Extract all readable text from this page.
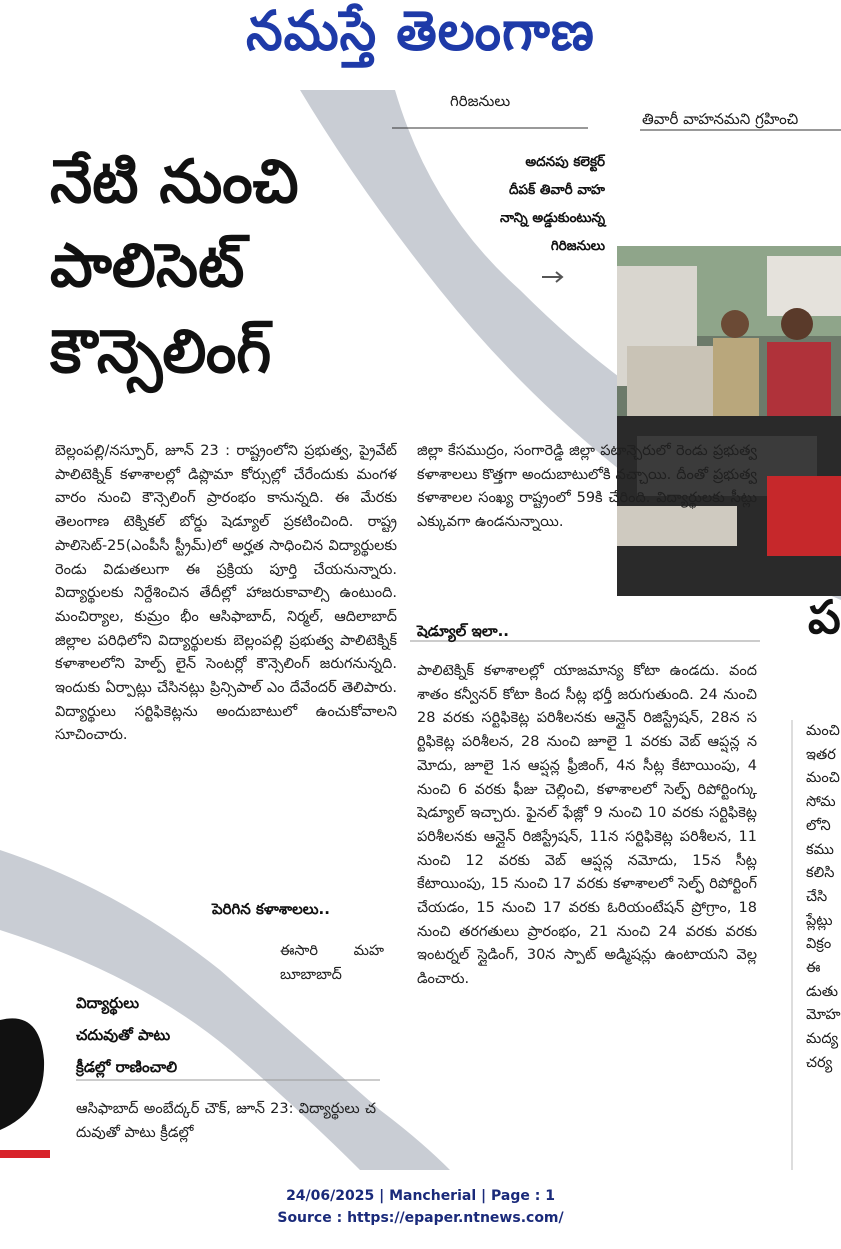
నమస్తే తెలంగాణ
గిరిజనులు
తివారీ వాహనమని గ్రహించి
నేటి నుంచి
పాలిసెట్
కౌన్సెలింగ్
అదనపు కలెక్టర్
దీపక్ తివారీ వాహ
నాన్ని అడ్డుకుంటున్న
గిరిజనులు
బెల్లంపల్లి/నస్పూర్, జూన్ 23 : రాష్ట్రంలోని ప్రభుత్వ, ప్రైవేట్ పాలిటెక్నిక్ కళాశాలల్లో డిప్లొమా కోర్సుల్లో చేరేందుకు మంగళవారం నుంచి కౌన్సెలింగ్ ప్రారంభం కానున్నది. ఈ మేరకు తెలంగాణ టెక్నికల్ బోర్డు షెడ్యూల్ ప్రకటించింది. రాష్ట్ర పాలిసెట్-25(ఎంపీసీ స్ట్రీమ్)లో అర్హత సాధించిన విద్యార్థులకు రెండు విడుతలుగా ఈ ప్రక్రియ పూర్తి చేయనున్నారు. విద్యార్థులకు నిర్దేశించిన తేదీల్లో హాజరుకావాల్సి ఉంటుంది. మంచిర్యాల, కుమ్రం భీం ఆసిఫాబాద్, నిర్మల్, ఆదిలాబాద్ జిల్లాల పరిధిలోని విద్యార్థులకు బెల్లంపల్లి ప్రభుత్వ పాలిటెక్నిక్ కళాశాలలోని హెల్ప్ లైన్ సెంటర్లో కౌన్సెలింగ్ జరుగనున్నది. ఇందుకు ఏర్పాట్లు చేసినట్లు ప్రిన్సిపాల్ ఎం దేవేందర్ తెలిపారు. విద్యార్థులు సర్టిఫికెట్లను అందుబాటులో ఉంచుకోవాలని సూచించారు.
పెరిగిన కళాశాలలు..
ఈసారి మహబూబాబాద్
జిల్లా కేసముద్రం, సంగారెడ్డి జిల్లా పటాన్చెరులో రెండు ప్రభుత్వ కళాశాలలు కొత్తగా అందుబాటులోకి వచ్చాయి. దీంతో ప్రభుత్వ కళాశాలల సంఖ్య రాష్ట్రంలో 59కి చేరింది. విద్యార్థులకు సీట్లు ఎక్కువగా ఉండనున్నాయి.
షెడ్యూల్ ఇలా..
పాలిటెక్నిక్ కళాశాలల్లో యాజమాన్య కోటా ఉండదు. వంద శాతం కన్వీనర్ కోటా కింద సీట్ల భర్తీ జరుగుతుంది. 24 నుంచి 28 వరకు సర్టిఫికెట్ల పరిశీలనకు ఆన్లైన్ రిజిస్ట్రేషన్, 28న సర్టిఫికెట్ల పరిశీలన, 28 నుంచి జూలై 1 వరకు వెబ్ ఆప్షన్ల నమోదు, జూలై 1న ఆప్షన్ల ఫ్రీజింగ్, 4న సీట్ల కేటాయింపు, 4 నుంచి 6 వరకు ఫీజు చెల్లించి, కళాశాలలో సెల్ఫ్ రిపోర్టింగ్కు షెడ్యూల్ ఇచ్చారు. ఫైనల్ ఫేజ్లో 9 నుంచి 10 వరకు సర్టిఫికెట్ల పరిశీలనకు ఆన్లైన్ రిజిస్ట్రేషన్, 11న సర్టిఫికెట్ల పరిశీలన, 11 నుంచి 12 వరకు వెబ్ ఆప్షన్ల నమోదు, 15న సీట్ల కేటాయింపు, 15 నుంచి 17 వరకు కళాశాలలో సెల్ఫ్ రిపోర్టింగ్ చేయడం, 15 నుంచి 17 వరకు ఓరియంటేషన్ ప్రోగ్రాం, 18 నుంచి తరగతులు ప్రారంభం, 21 నుంచి 24 వరకు వరకు ఇంటర్నల్ స్లైడింగ్, 30న స్పాట్ అడ్మిషన్లు ఉంటాయని వెల్లడించారు.
విద్యార్థులు
చదువుతో పాటు
క్రీడల్లో రాణించాలి
ఆసిఫాబాద్ అంబేద్కర్ చౌక్, జూన్ 23: విద్యార్థులు చదువుతో పాటు క్రీడల్లో
ప
మంచి
ఇతర
మంచి
సోమ
లోని
కము
కలిసి
చేసి
ప్లేట్లు
విక్రం
ఈ
డుతు
మోహ
మద్య
చర్య
24/06/2025 | Mancherial | Page : 1
Source : https://epaper.ntnews.com/
